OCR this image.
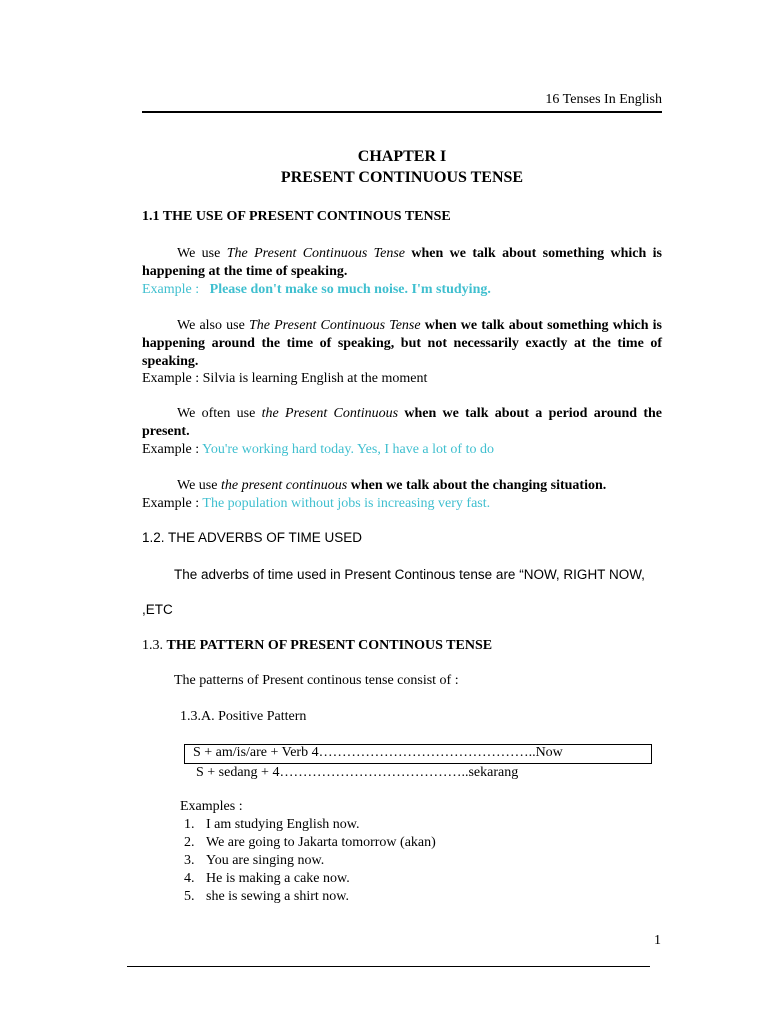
16 Tenses In English
CHAPTER I
PRESENT CONTINUOUS TENSE
1.1 THE USE OF PRESENT CONTINOUS TENSE
We use The Present Continuous Tense when we talk about something which is happening at the time of speaking.
Example : Please don't make so much noise. I'm studying.
We also use The Present Continuous Tense when we talk about something which is happening around the time of speaking, but not necessarily exactly at the time of speaking.
Example : Silvia is learning English at the moment
We often use the Present Continuous when we talk about a period around the present.
Example : You're working hard today. Yes, I have a lot of to do
We use the present continuous when we talk about the changing situation.
Example : The population without jobs is increasing very fast.
1.2. THE ADVERBS OF TIME USED
The adverbs of time used in Present Continous tense are “NOW, RIGHT NOW,
,ETC
1.3. THE PATTERN OF PRESENT CONTINOUS TENSE
The patterns of Present continous tense consist of :
1.3.A. Positive Pattern
S + am/is/are + Verb 4………………………………………..Now
S + sedang + 4…………………………………..sekarang
Examples :
1. I am studying English now.
2. We are going to Jakarta tomorrow (akan)
3. You are singing now.
4. He is making a cake now.
5. she is sewing a shirt now.
1
